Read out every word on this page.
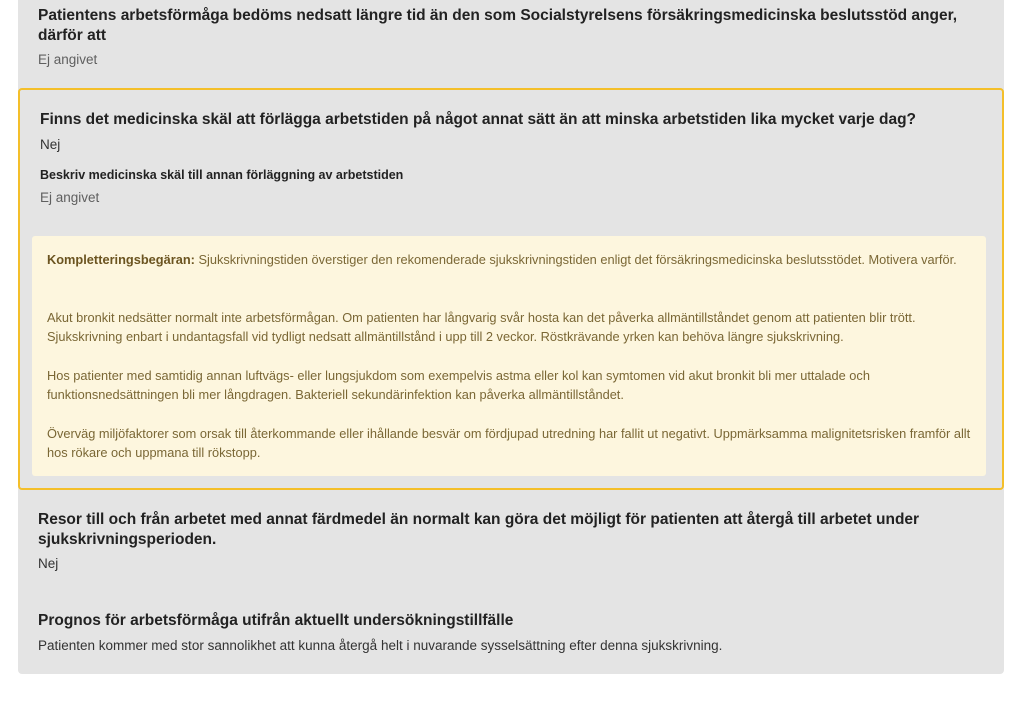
Patientens arbetsförmåga bedöms nedsatt längre tid än den som Socialstyrelsens försäkringsmedicinska beslutsstöd anger, därför att
Ej angivet
Finns det medicinska skäl att förlägga arbetstiden på något annat sätt än att minska arbetstiden lika mycket varje dag?
Nej
Beskriv medicinska skäl till annan förläggning av arbetstiden
Ej angivet

Kompletteringsbegäran: Sjukskrivningstiden överstiger den rekomenderade sjukskrivningstiden enligt det försäkringsmedicinska beslutsstödet. Motivera varför.

Akut bronkit nedsätter normalt inte arbetsförmågan. Om patienten har långvarig svår hosta kan det påverka allmäntillståndet genom att patienten blir trött. Sjukskrivning enbart i undantagsfall vid tydligt nedsatt allmäntillstånd i upp till 2 veckor. Röstkrävande yrken kan behöva längre sjukskrivning.

Hos patienter med samtidig annan luftvägs- eller lungsjukdom som exempelvis astma eller kol kan symtomen vid akut bronkit bli mer uttalade och funktionsnedsättningen bli mer långdragen. Bakteriell sekundärinfektion kan påverka allmäntillståndet.

Överväg miljöfaktorer som orsak till återkommande eller ihållande besvär om fördjupad utredning har fallit ut negativt. Uppmärksamma malignitetsrisken framför allt hos rökare och uppmana till rökstopp.

Resor till och från arbetet med annat färdmedel än normalt kan göra det möjligt för patienten att återgå till arbetet under sjukskrivningsperioden.
Nej
Prognos för arbetsförmåga utifrån aktuellt undersökningstillfälle
Patienten kommer med stor sannolikhet att kunna återgå helt i nuvarande sysselsättning efter denna sjukskrivning.
